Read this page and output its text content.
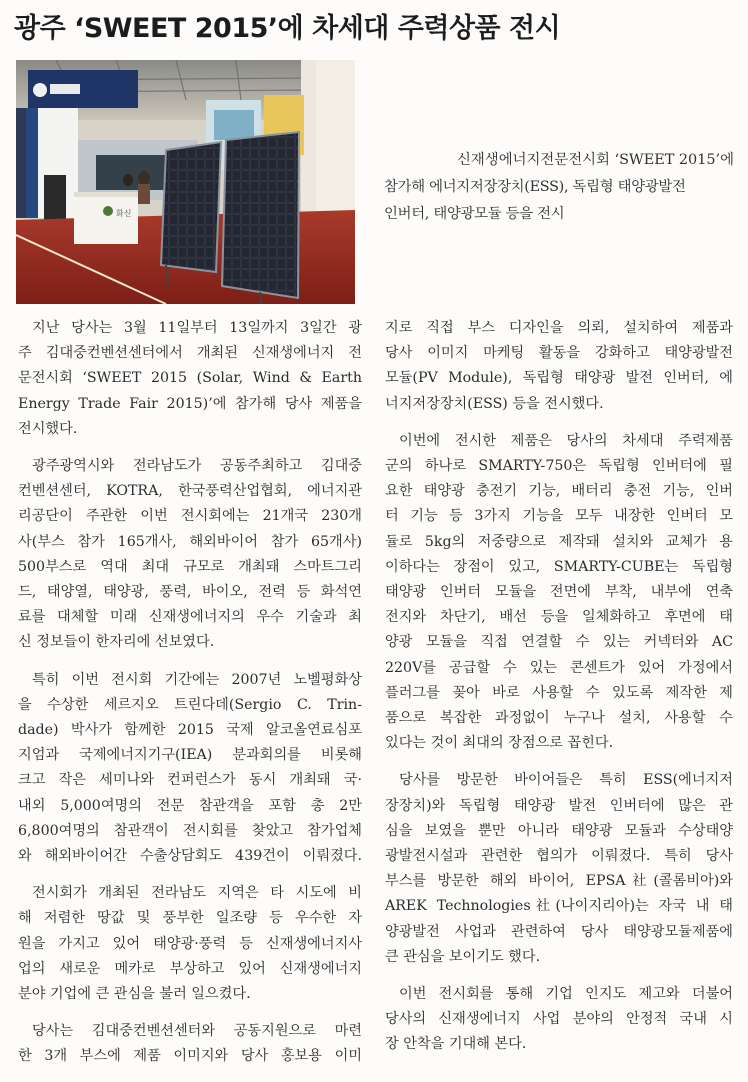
광주 ‘SWEET 2015’에 차세대 주력상품 전시
화신
신재생에너지전문전시회 ‘SWEET 2015’에
참가해 에너지저장장치(ESS), 독립형 태양광발전
인버터, 태양광모듈 등을 전시
지난 당사는 3월 11일부터 13일까지 3일간 광
주 김대중컨벤션센터에서 개최된 신재생에너지 전
문전시회 ‘SWEET 2015 (Solar, Wind & Earth
Energy Trade Fair 2015)’에 참가해 당사 제품을
전시했다.
광주광역시와 전라남도가 공동주최하고 김대중
컨벤션센터, KOTRA, 한국풍력산업협회, 에너지관
리공단이 주관한 이번 전시회에는 21개국 230개
사(부스 참가 165개사, 해외바이어 참가 65개사)
500부스로 역대 최대 규모로 개최돼 스마트그리
드, 태양열, 태양광, 풍력, 바이오, 전력 등 화석연
료를 대체할 미래 신재생에너지의 우수 기술과 최
신 정보들이 한자리에 선보였다.
특히 이번 전시회 기간에는 2007년 노벨평화상
을 수상한 세르지오 트린다데(Sergio C. Trin-
dade) 박사가 함께한 2015 국제 알코올연료심포
지엄과 국제에너지기구(IEA) 분과회의를 비롯해
크고 작은 세미나와 컨퍼런스가 동시 개최돼 국·
내외 5,000여명의 전문 참관객을 포함 총 2만
6,800여명의 참관객이 전시회를 찾았고 참가업체
와 해외바이어간 수출상담회도 439건이 이뤄졌다.
전시회가 개최된 전라남도 지역은 타 시도에 비
해 저렴한 땅값 및 풍부한 일조량 등 우수한 자
원을 가지고 있어 태양광·풍력 등 신재생에너지사
업의 새로운 메카로 부상하고 있어 신재생에너지
분야 기업에 큰 관심을 불러 일으켰다.
당사는 김대중컨벤션센터와 공동지원으로 마련
한 3개 부스에 제품 이미지와 당사 홍보용 이미
지로 직접 부스 디자인을 의뢰, 설치하여 제품과
당사 이미지 마케팅 활동을 강화하고 태양광발전
모듈(PV Module), 독립형 태양광 발전 인버터, 에
너지저장장치(ESS) 등을 전시했다.
이번에 전시한 제품은 당사의 차세대 주력제품
군의 하나로 SMARTY-750은 독립형 인버터에 필
요한 태양광 충전기 기능, 배터리 충전 기능, 인버
터 기능 등 3가지 기능을 모두 내장한 인버터 모
듈로 5kg의 저중량으로 제작돼 설치와 교체가 용
이하다는 장점이 있고, SMARTY-CUBE는 독립형
태양광 인버터 모듈을 전면에 부착, 내부에 연축
전지와 차단기, 배선 등을 일체화하고 후면에 태
양광 모듈을 직접 연결할 수 있는 커넥터와 AC
220V를 공급할 수 있는 콘센트가 있어 가정에서
플러그를 꽂아 바로 사용할 수 있도록 제작한 제
품으로 복잡한 과정없이 누구나 설치, 사용할 수
있다는 것이 최대의 장점으로 꼽힌다.
당사를 방문한 바이어들은 특히 ESS(에너지저
장장치)와 독립형 태양광 발전 인버터에 많은 관
심을 보였을 뿐만 아니라 태양광 모듈과 수상태양
광발전시설과 관련한 협의가 이뤄졌다. 특히 당사
부스를 방문한 해외 바이어, EPSA社(콜롬비아)와
AREK Technologies社(나이지리아)는 자국 내 태
양광발전 사업과 관련하여 당사 태양광모듈제품에
큰 관심을 보이기도 했다.
이번 전시회를 통해 기업 인지도 제고와 더불어
당사의 신재생에너지 사업 분야의 안정적 국내 시
장 안착을 기대해 본다.
